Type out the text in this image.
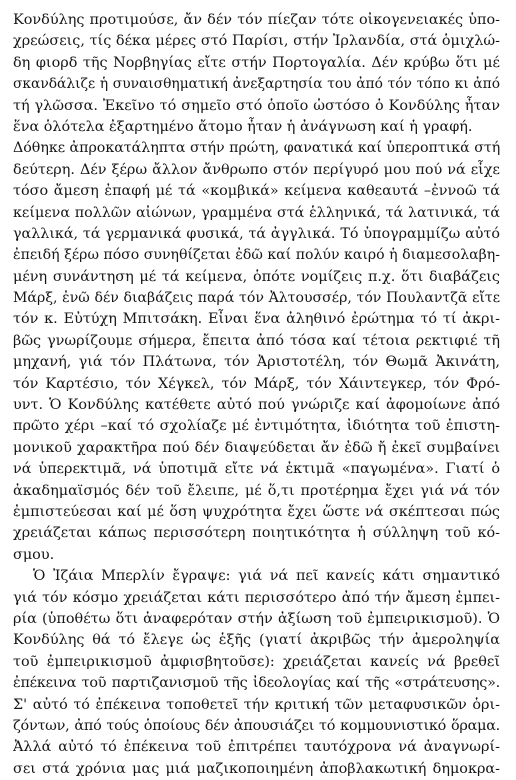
Κονδύλης προτιμούσε, ἄν δέν τόν πίεζαν τότε οἰκογενειακές ὑπο-
χρεώσεις, τίς δέκα μέρες στό Παρίσι, στήν Ἰρλανδία, στά ὁμιχλώ-
δη φιορδ τῆς Νορβηγίας εἴτε στήν Πορτογαλία. Δέν κρύβω ὅτι μέ
σκανδάλιζε ἡ συναισθηματική ἀνεξαρτησία του ἀπό τόν τόπο κι ἀπό
τή γλῶσσα. Ἐκεῖνο τό σημεῖο στό ὁποῖο ὡστόσο ὁ Κονδύλης ἦταν
ἕνα ὁλότελα ἐξαρτημένο ἄτομο ἦταν ἡ ἀνάγνωση καί ἡ γραφή.
Δόθηκε ἀπροκατάληπτα στήν πρώτη, φανατικά καί ὑπεροπτικά στή
δεύτερη. Δέν ξέρω ἄλλον ἄνθρωπο στόν περίγυρό μου πού νά εἶχε
τόσο ἄμεση ἐπαφή μέ τά «κομβικά» κείμενα καθεαυτά –ἐννοῶ τά
κείμενα πολλῶν αἰώνων, γραμμένα στά ἑλληνικά, τά λατινικά, τά
γαλλικά, τά γερμανικά φυσικά, τά ἀγγλικά. Τό ὑπογραμμίζω αὐτό
ἐπειδή ξέρω πόσο συνηθίζεται ἐδῶ καί πολύν καιρό ἡ διαμεσολαβη-
μένη συνάντηση μέ τά κείμενα, ὁπότε νομίζεις π.χ. ὅτι διαβάζεις
Μάρξ, ἐνῶ δέν διαβάζεις παρά τόν Ἀλτουσσέρ, τόν Πουλαντζᾶ εἴτε
τόν κ. Εὐτύχη Μπιτσάκη. Εἶναι ἕνα ἀληθινό ἐρώτημα τό τί ἀκρι-
βῶς γνωρίζουμε σήμερα, ἔπειτα ἀπό τόσα καί τέτοια ρεκτιφιέ τῆ
μηχανή, γιά τόν Πλάτωνα, τόν Ἀριστοτέλη, τόν Θωμᾶ Ἀκινάτη,
τόν Καρτέσιο, τόν Χέγκελ, τόν Μάρξ, τόν Χάιντεγκερ, τόν Φρό-
υντ. Ὁ Κονδύλης κατέθετε αὐτό πού γνώριζε καί ἀφομοίωνε ἀπό
πρῶτο χέρι –καί τό σχολίαζε μέ ἐντιμότητα, ἰδιότητα τοῦ ἐπιστη-
μονικοῦ χαρακτῆρα πού δέν διαψεύδεται ἄν ἐδῶ ἤ ἐκεῖ συμβαίνει
νά ὑπερεκτιμᾶ, νά ὑποτιμᾶ εἴτε νά ἐκτιμᾶ «παγωμένα». Γιατί ὁ
ἀκαδημαϊσμός δέν τοῦ ἔλειπε, μέ ὅ,τι προτέρημα ἔχει γιά νά τόν
ἐμπιστεύεσαι καί μέ ὅση ψυχρότητα ἔχει ὥστε νά σκέπτεσαι πώς
χρειάζεται κάπως περισσότερη ποιητικότητα ἡ σύλληψη τοῦ κό-
σμου.
Ὁ Ἰζάια Μπερλίν ἔγραψε: γιά νά πεῖ κανείς κάτι σημαντικό
γιά τόν κόσμο χρειάζεται κάτι περισσότερο ἀπό τήν ἄμεση ἐμπει-
ρία (ὑποθέτω ὅτι ἀναφερόταν στήν ἀξίωση τοῦ ἐμπειρικισμοῦ). Ὁ
Κονδύλης θά τό ἔλεγε ὡς ἑξῆς (γιατί ἀκριβῶς τήν ἀμεροληψία
τοῦ ἐμπειρικισμοῦ ἀμφισβητοῦσε): χρειάζεται κανείς νά βρεθεῖ
ἐπέκεινα τοῦ παρτιζανισμοῦ τῆς ἰδεολογίας καί τῆς «στράτευσης».
Σ' αὐτό τό ἐπέκεινα τοποθετεῖ τήν κριτική τῶν μεταφυσικῶν ὁρι-
ζόντων, ἀπό τούς ὁποίους δέν ἀπουσιάζει τό κομμουνιστικό ὅραμα.
Ἀλλά αὐτό τό ἐπέκεινα τοῦ ἐπιτρέπει ταυτόχρονα νά ἀναγνωρί-
σει στά χρόνια μας μιά μαζικοποιημένη ἀποβλακωτική δημοκρα-
